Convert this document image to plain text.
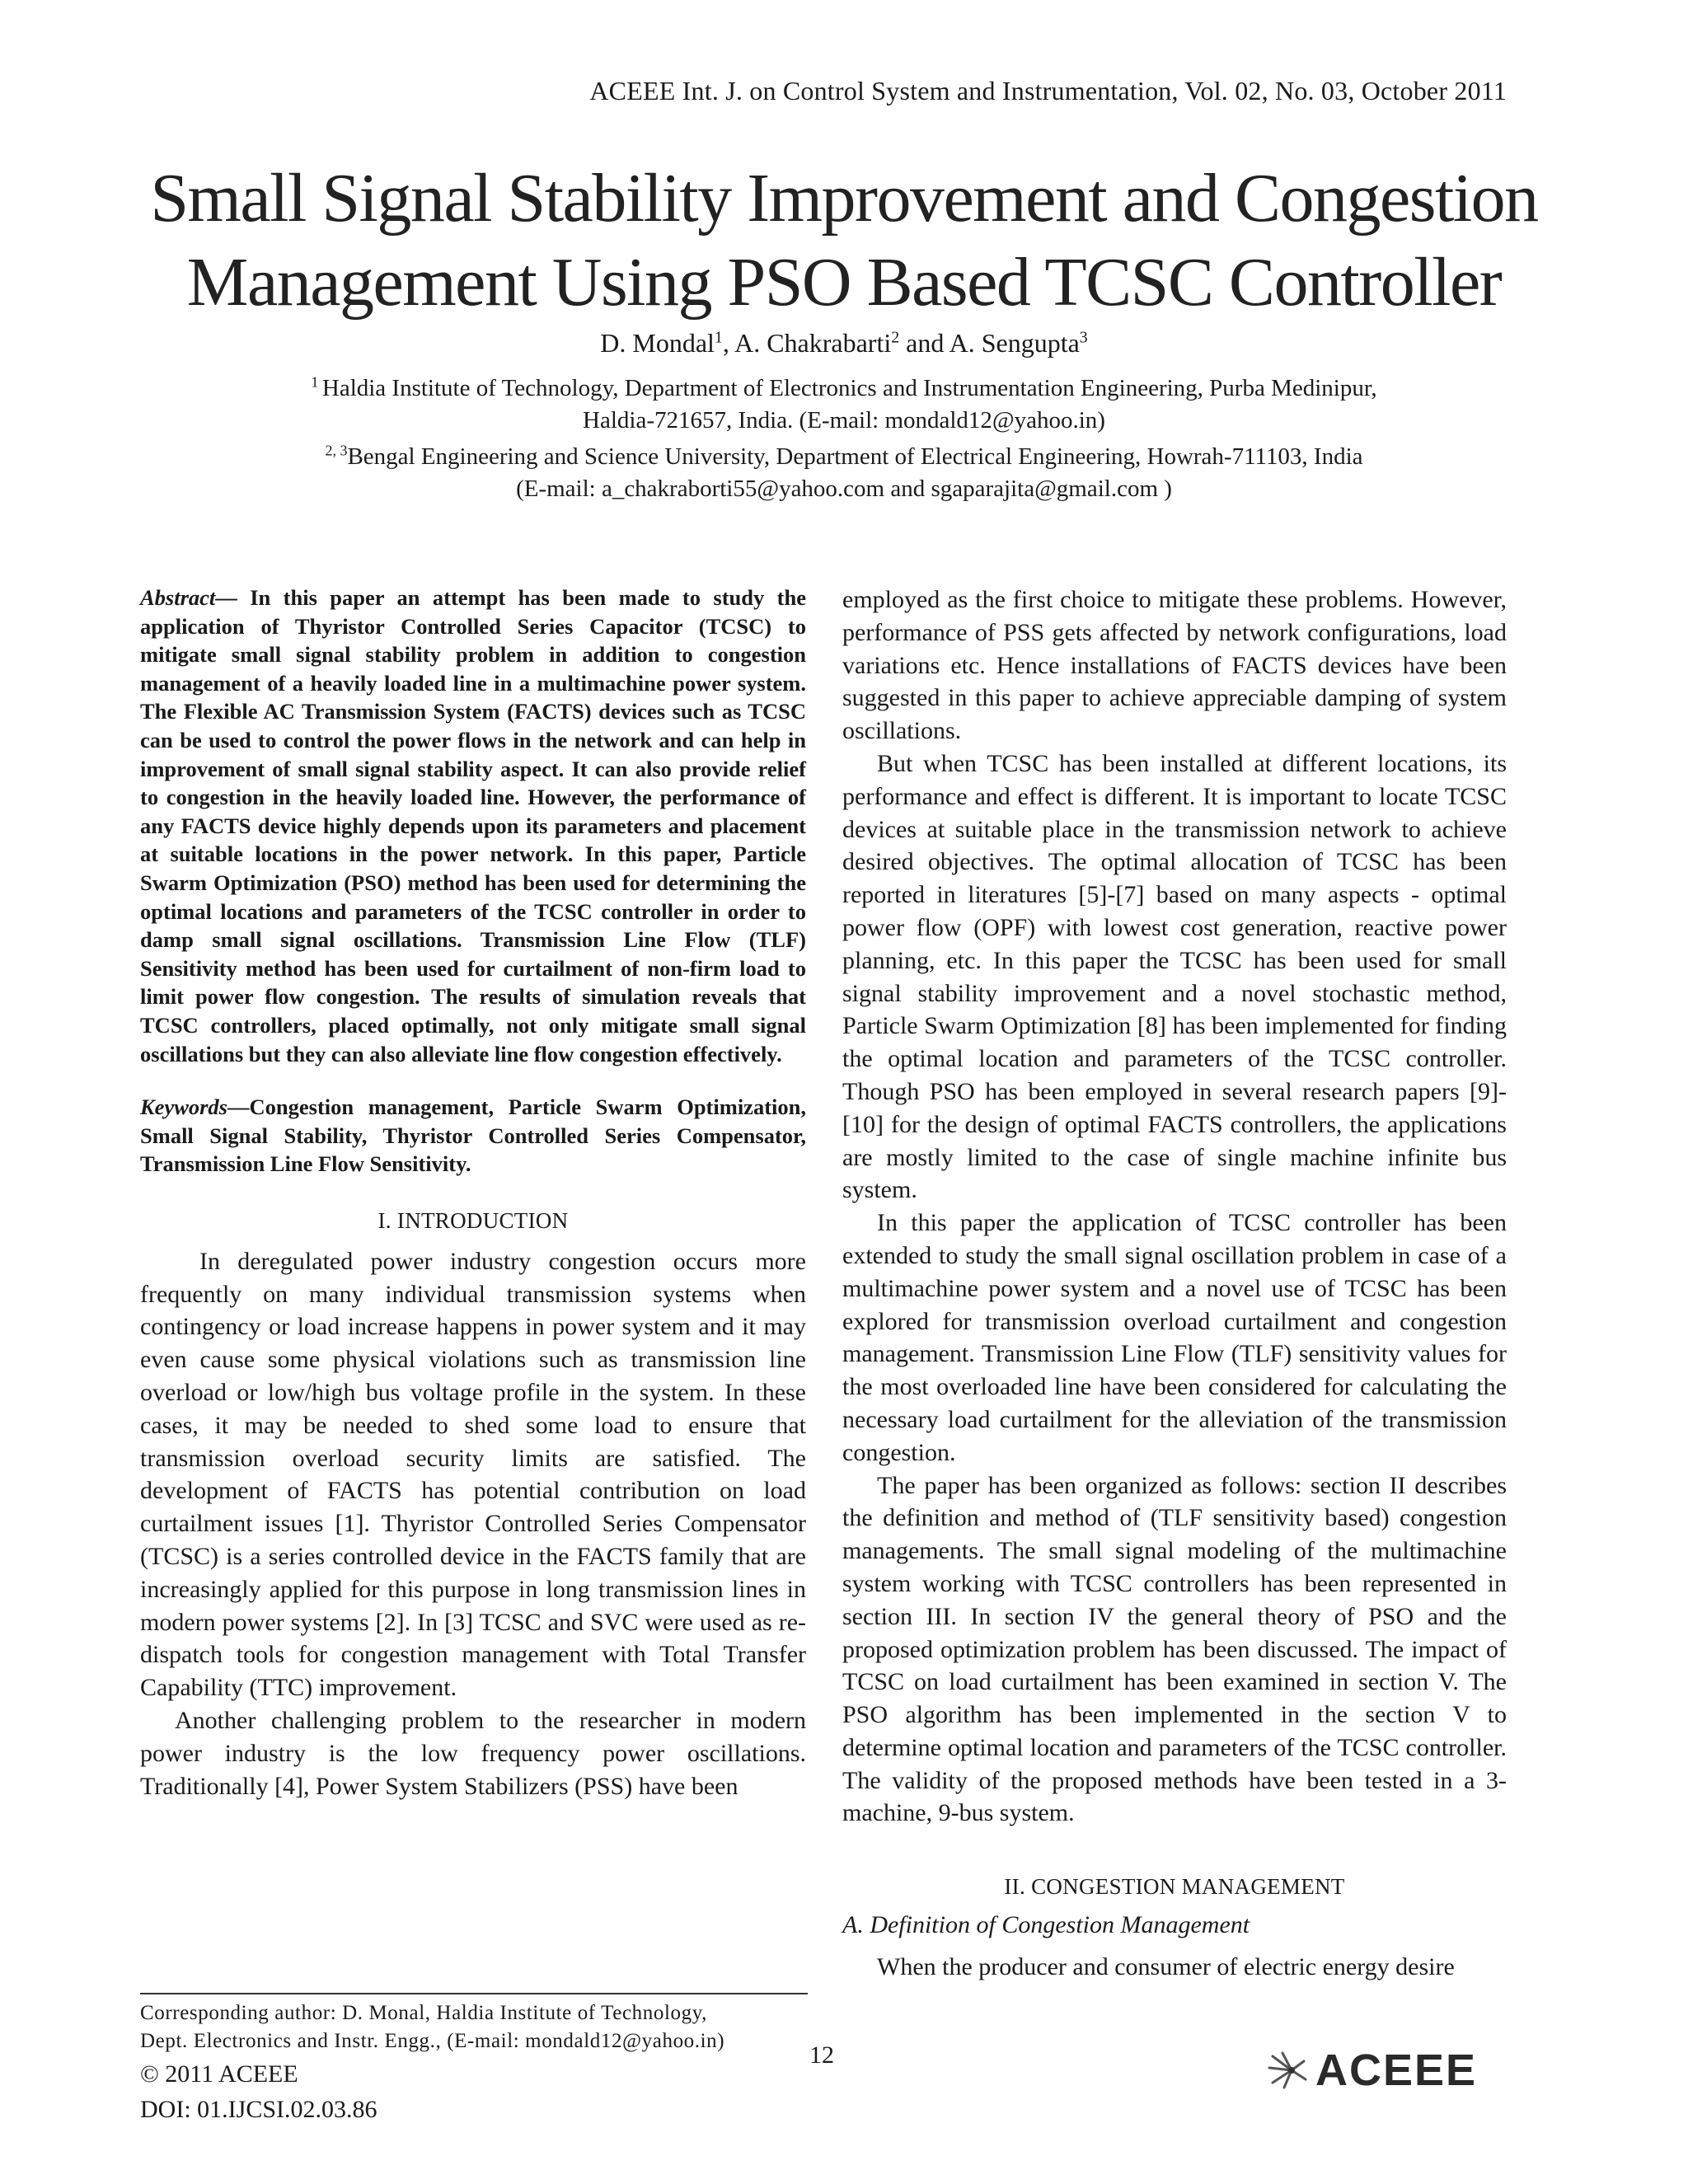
ACEEE Int. J. on Control System and Instrumentation, Vol. 02, No. 03, October 2011
Small Signal Stability Improvement and Congestion
Management Using PSO Based TCSC Controller
D. Mondal$^1$, A. Chakrabarti$^2$ and A. Sengupta$^3$
$^1$ Haldia Institute of Technology, Department of Electronics and Instrumentation Engineering, Purba Medinipur,
Haldia-721657, India. (E-mail: mondald12@yahoo.in)
$^{2, 3}$Bengal Engineering and Science University, Department of Electrical Engineering, Howrah-711103, India
(E-mail: a_chakraborti55@yahoo.com and sgaparajita@gmail.com )

Abstract— In this paper an attempt has been made to study the application of Thyristor Controlled Series Capacitor (TCSC) to mitigate small signal stability problem in addition to congestion management of a heavily loaded line in a multimachine power system. The Flexible AC Transmission System (FACTS) devices such as TCSC can be used to control the power flows in the network and can help in improvement of small signal stability aspect. It can also provide relief to congestion in the heavily loaded line. However, the performance of any FACTS device highly depends upon its parameters and placement at suitable locations in the power network. In this paper, Particle Swarm Optimization (PSO) method has been used for determining the optimal locations and parameters of the TCSC controller in order to damp small signal oscillations. Transmission Line Flow (TLF) Sensitivity method has been used for curtailment of non-firm load to limit power flow congestion. The results of simulation reveals that TCSC controllers, placed optimally, not only mitigate small signal oscillations but they can also alleviate line flow congestion effectively.

Keywords—Congestion management, Particle Swarm Optimization, Small Signal Stability, Thyristor Controlled Series Compensator, Transmission Line Flow Sensitivity.

I. INTRODUCTION

In deregulated power industry congestion occurs more frequently on many individual transmission systems when contingency or load increase happens in power system and it may even cause some physical violations such as transmission line overload or low/high bus voltage profile in the system. In these cases, it may be needed to shed some load to ensure that transmission overload security limits are satisfied. The development of FACTS has potential contribution on load curtailment issues [1]. Thyristor Controlled Series Compensator (TCSC) is a series controlled device in the FACTS family that are increasingly applied for this purpose in long transmission lines in modern power systems [2]. In [3] TCSC and SVC were used as re-dispatch tools for congestion management with Total Transfer Capability (TTC) improvement.

Another challenging problem to the researcher in modern power industry is the low frequency power oscillations. Traditionally [4], Power System Stabilizers (PSS) have been

employed as the first choice to mitigate these problems. However, performance of PSS gets affected by network configurations, load variations etc. Hence installations of FACTS devices have been suggested in this paper to achieve appreciable damping of system oscillations.

But when TCSC has been installed at different locations, its performance and effect is different. It is important to locate TCSC devices at suitable place in the transmission network to achieve desired objectives. The optimal allocation of TCSC has been reported in literatures [5]-[7] based on many aspects - optimal power flow (OPF) with lowest cost generation, reactive power planning, etc. In this paper the TCSC has been used for small signal stability improvement and a novel stochastic method, Particle Swarm Optimization [8] has been implemented for finding the optimal location and parameters of the TCSC controller. Though PSO has been employed in several research papers [9]-[10] for the design of optimal FACTS controllers, the applications are mostly limited to the case of single machine infinite bus system.

In this paper the application of TCSC controller has been extended to study the small signal oscillation problem in case of a multimachine power system and a novel use of TCSC has been explored for transmission overload curtailment and congestion management. Transmission Line Flow (TLF) sensitivity values for the most overloaded line have been considered for calculating the necessary load curtailment for the alleviation of the transmission congestion.

The paper has been organized as follows: section II describes the definition and method of (TLF sensitivity based) congestion managements. The small signal modeling of the multimachine system working with TCSC controllers has been represented in section III. In section IV the general theory of PSO and the proposed optimization problem has been discussed. The impact of TCSC on load curtailment has been examined in section V. The PSO algorithm has been implemented in the section V to determine optimal location and parameters of the TCSC controller. The validity of the proposed methods have been tested in a 3-machine, 9-bus system.

II. CONGESTION MANAGEMENT
A. Definition of Congestion Management

When the producer and consumer of electric energy desire

Corresponding author: D. Monal, Haldia Institute of Technology,
Dept. Electronics and Instr. Engg., (E-mail: mondald12@yahoo.in)
12
© 2011 ACEEE
DOI: 01.IJCSI.02.03.86
ACEEE
